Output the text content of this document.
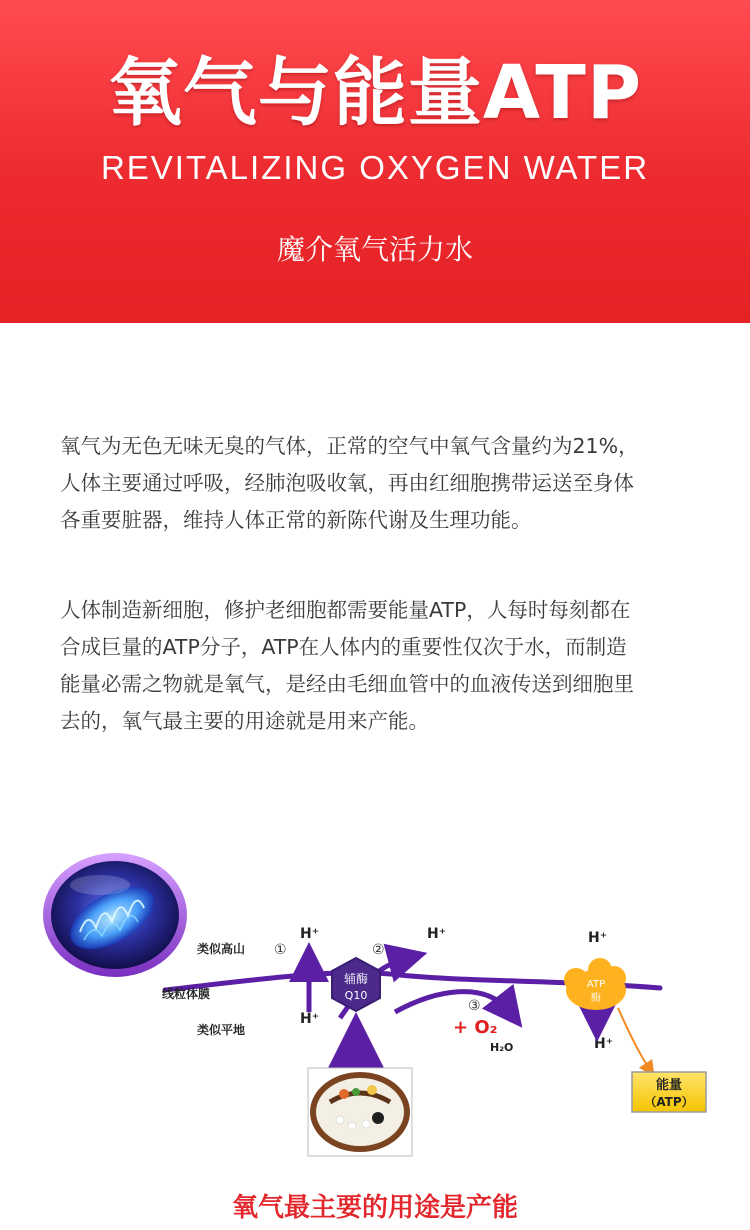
氧气与能量ATP
REVITALIZING OXYGEN WATER
魔介氧气活力水

氧气为无色无味无臭的气体，正常的空气中氧气含量约为21%，

人体主要通过呼吸，经肺泡吸收氧，再由红细胞携带运送至身体

各重要脏器，维持人体正常的新陈代谢及生理功能。

人体制造新细胞，修护老细胞都需要能量ATP，人每时每刻都在

合成巨量的ATP分子，ATP在人体内的重要性仅次于水，而制造

能量必需之物就是氧气，是经由毛细血管中的血液传送到细胞里

去的，氧气最主要的用途就是用来产能。

类似高山
线粒体膜
类似平地
①	②
③
H⁺	H⁺	H⁺
H⁺
H⁺
辅酶
Q10
ATP
酶
+ O₂
H₂O
能量
（ATP）
氧气最主要的用途是产能
